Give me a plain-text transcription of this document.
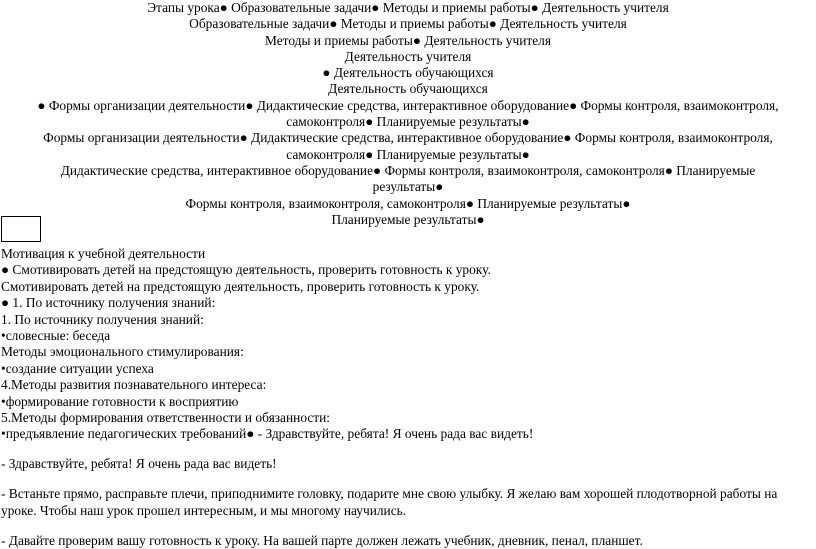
Этапы урока● Образовательные задачи● Методы и приемы работы● Деятельность учителя

Образовательные задачи● Методы и приемы работы● Деятельность учителя

Методы и приемы работы● Деятельность учителя

Деятельность учителя

● Деятельность обучающихся

Деятельность обучающихся

● Формы организации деятельности● Дидактические средства, интерактивное оборудование● Формы контроля, взаимоконтроля, самоконтроля● Планируемые результаты●

Формы организации деятельности● Дидактические средства, интерактивное оборудование● Формы контроля, взаимоконтроля, самоконтроля● Планируемые результаты●

Дидактические средства, интерактивное оборудование● Формы контроля, взаимоконтроля, самоконтроля● Планируемые результаты●

Формы контроля, взаимоконтроля, самоконтроля● Планируемые результаты●

Планируемые результаты●

Мотивация к учебной деятельности

● Смотивировать детей на предстоящую деятельность, проверить готовность к уроку.

Смотивировать детей на предстоящую деятельность, проверить готовность к уроку.

● 1. По источнику получения знаний:

1. По источнику получения знаний:

•словесные: беседа

Методы эмоционального стимулирования:

•создание ситуации успеха

4.Методы развития познавательного интереса:

•формирование готовности к восприятию

5.Методы формирования ответственности и обязанности:

•предъявление педагогических требований● - Здравствуйте, ребята! Я очень рада вас видеть!

- Здравствуйте, ребята! Я очень рада вас видеть!

- Встаньте прямо, расправьте плечи, приподнимите головку, подарите мне свою улыбку. Я желаю вам хорошей плодотворной работы на уроке. Чтобы наш урок прошел интересным, и мы многому научились.

- Давайте проверим вашу готовность к уроку. На вашей парте должен лежать учебник, дневник, пенал, планшет.
